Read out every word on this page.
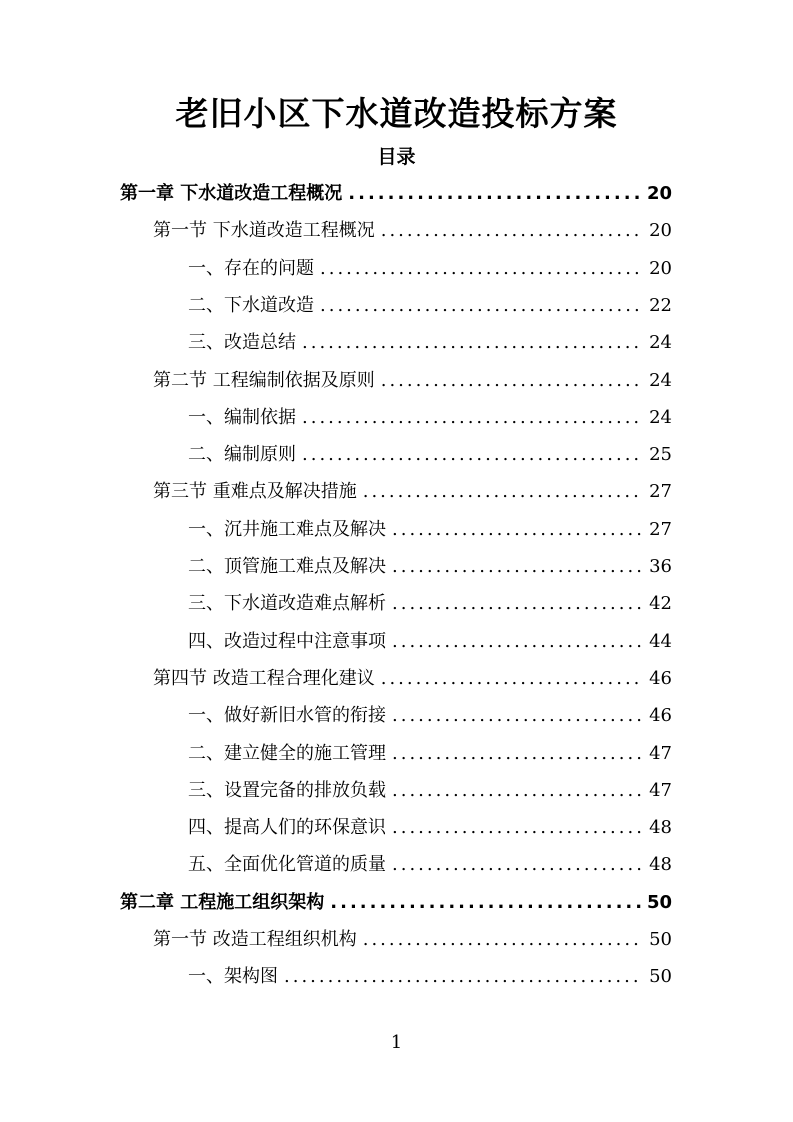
老旧小区下水道改造投标方案
目录
第一章 下水道改造工程概况 .....	20
第一节 下水道改造工程概况 .....	20
一、存在的问题 .....	20
二、下水道改造 .....	22
三、改造总结 .....	24
第二节 工程编制依据及原则 .....	24
一、编制依据 .....	24
二、编制原则 .....	25
第三节 重难点及解决措施 .....	27
一、沉井施工难点及解决 .....	27
二、顶管施工难点及解决 .....	36
三、下水道改造难点解析 .....	42
四、改造过程中注意事项 .....	44
第四节 改造工程合理化建议 .....	46
一、做好新旧水管的衔接 .....	46
二、建立健全的施工管理 .....	47
三、设置完备的排放负载 .....	47
四、提高人们的环保意识 .....	48
五、全面优化管道的质量 .....	48
第二章 工程施工组织架构 .....	50
第一节 改造工程组织机构 .....	50
一、架构图 .....	50
1
